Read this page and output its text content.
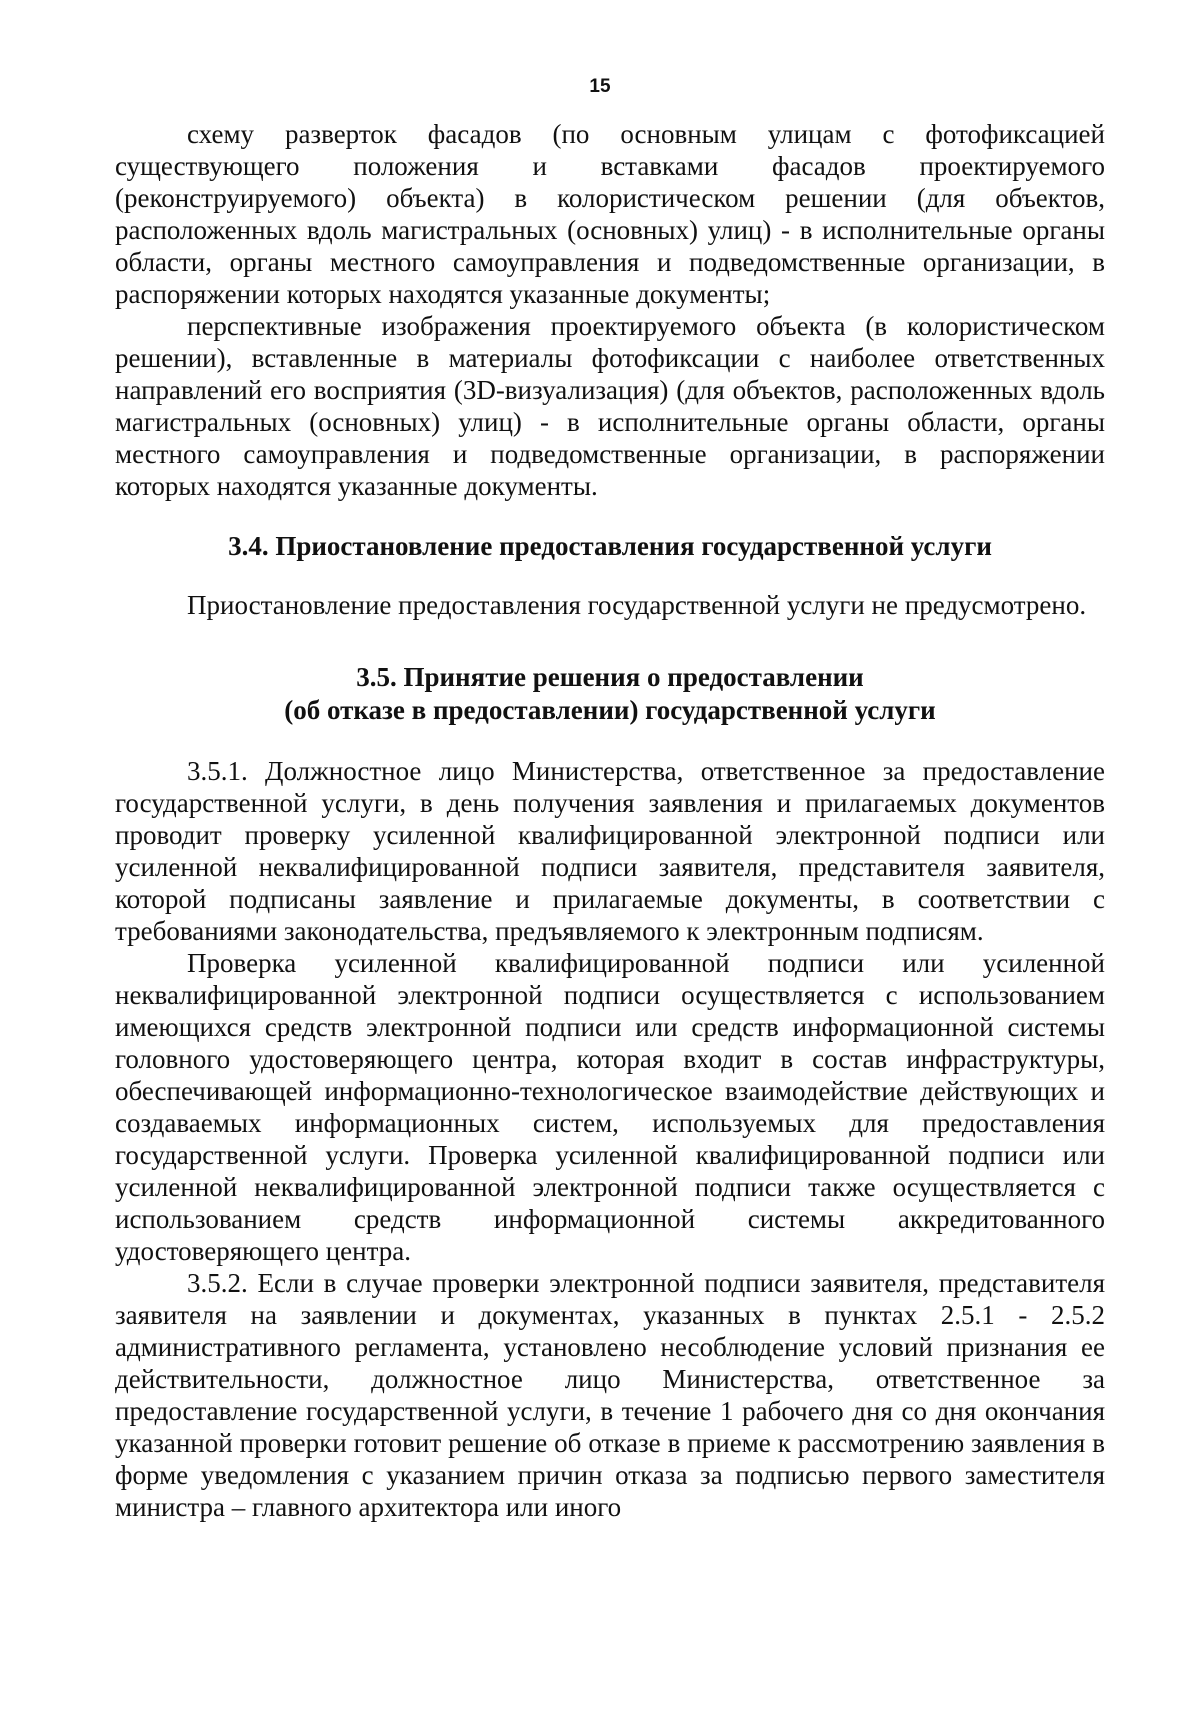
15

схему разверток фасадов (по основным улицам с фотофиксацией существующего положения и вставками фасадов проектируемого (реконструируемого) объекта) в колористическом решении (для объектов, расположенных вдоль магистральных (основных) улиц) - в исполнительные органы области, органы местного самоуправления и подведомственные организации, в распоряжении которых находятся указанные документы;

перспективные изображения проектируемого объекта (в колористическом решении), вставленные в материалы фотофиксации с наиболее ответственных направлений его восприятия (3D-визуализация) (для объектов, расположенных вдоль магистральных (основных) улиц) - в исполнительные органы области, органы местного самоуправления и подведомственные организации, в распоряжении которых находятся указанные документы.

3.4. Приостановление предоставления государственной услуги

Приостановление предоставления государственной услуги не предусмотрено.

3.5. Принятие решения о предоставлении
(об отказе в предоставлении) государственной услуги

3.5.1. Должностное лицо Министерства, ответственное за предоставление государственной услуги, в день получения заявления и прилагаемых документов проводит проверку усиленной квалифицированной электронной подписи или усиленной неквалифицированной подписи заявителя, представителя заявителя, которой подписаны заявление и прилагаемые документы, в соответствии с требованиями законодательства, предъявляемого к электронным подписям.

Проверка усиленной квалифицированной подписи или усиленной неквалифицированной электронной подписи осуществляется с использованием имеющихся средств электронной подписи или средств информационной системы головного удостоверяющего центра, которая входит в состав инфраструктуры, обеспечивающей информационно-технологическое взаимодействие действующих и создаваемых информационных систем, используемых для предоставления государственной услуги. Проверка усиленной квалифицированной подписи или усиленной неквалифицированной электронной подписи также осуществляется с использованием средств информационной системы аккредитованного удостоверяющего центра.

3.5.2. Если в случае проверки электронной подписи заявителя, представителя заявителя на заявлении и документах, указанных в пунктах 2.5.1 - 2.5.2 административного регламента, установлено несоблюдение условий признания ее действительности, должностное лицо Министерства, ответственное за предоставление государственной услуги, в течение 1 рабочего дня со дня окончания указанной проверки готовит решение об отказе в приеме к рассмотрению заявления в форме уведомления с указанием причин отказа за подписью первого заместителя министра – главного архитектора или иного
